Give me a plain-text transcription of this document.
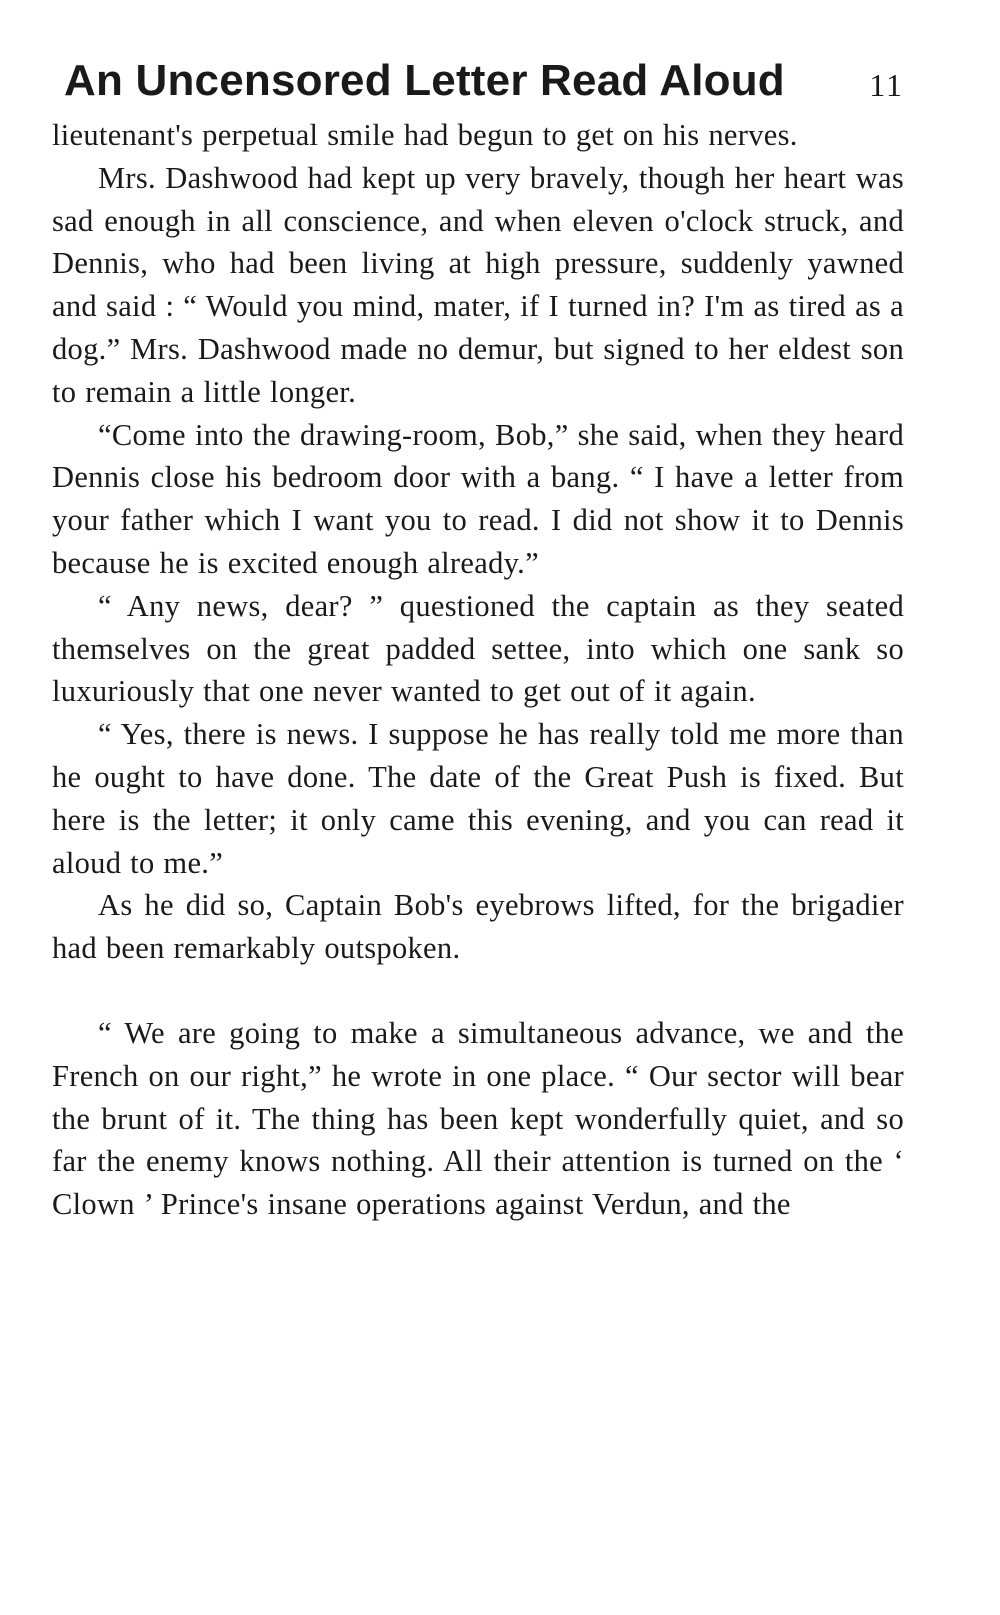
An Uncensored Letter Read Aloud	11

lieutenant's perpetual smile had begun to get on his nerves.

Mrs. Dashwood had kept up very bravely, though her heart was sad enough in all conscience, and when eleven o'clock struck, and Dennis, who had been living at high pressure, suddenly yawned and said : “ Would you mind, mater, if I turned in? I'm as tired as a dog.” Mrs. Dashwood made no demur, but signed to her eldest son to remain a little longer.

“Come into the drawing-room, Bob,” she said, when they heard Dennis close his bedroom door with a bang. “ I have a letter from your father which I want you to read. I did not show it to Dennis because he is excited enough already.”

“ Any news, dear? ” questioned the captain as they seated themselves on the great padded settee, into which one sank so luxuriously that one never wanted to get out of it again.

“ Yes, there is news. I suppose he has really told me more than he ought to have done. The date of the Great Push is fixed. But here is the letter; it only came this evening, and you can read it aloud to me.”

As he did so, Captain Bob's eyebrows lifted, for the brigadier had been remarkably outspoken.

“ We are going to make a simultaneous advance, we and the French on our right,” he wrote in one place. “ Our sector will bear the brunt of it. The thing has been kept wonderfully quiet, and so far the enemy knows nothing. All their attention is turned on the ‘ Clown ’ Prince's insane operations against Verdun, and the
